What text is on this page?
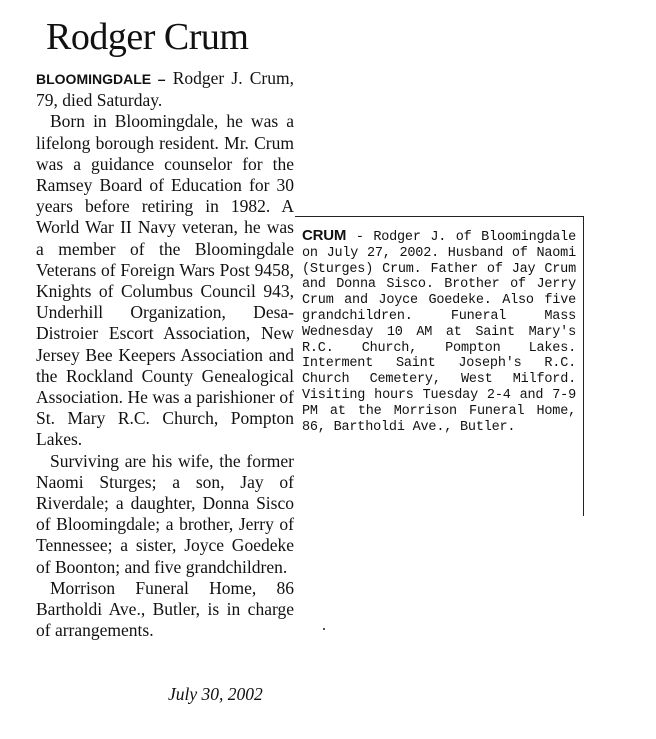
Rodger Crum

BLOOMINGDALE – Rodger J. Crum, 79, died Saturday.

Born in Bloomingdale, he was a lifelong borough resident. Mr. Crum was a guidance counselor for the Ramsey Board of Education for 30 years before retiring in 1982. A World War II Navy veteran, he was a member of the Bloomingdale Veterans of Foreign Wars Post 9458, Knights of Columbus Council 943, Underhill Organization, Desa-Distroier Escort Association, New Jersey Bee Keepers Association and the Rockland County Genealogical Association. He was a parishioner of St. Mary R.C. Church, Pompton Lakes.

Surviving are his wife, the former Naomi Sturges; a son, Jay of Riverdale; a daughter, Donna Sisco of Bloomingdale; a brother, Jerry of Tennessee; a sister, Joyce Goedeke of Boonton; and five grandchildren.

Morrison Funeral Home, 86 Bartholdi Ave., Butler, is in charge of arrangements.

July 30, 2002

CRUM - Rodger J. of Bloomingdale on July 27, 2002. Husband of Naomi (Sturges) Crum. Father of Jay Crum and Donna Sisco. Brother of Jerry Crum and Joyce Goedeke. Also five grandchildren. Funeral Mass Wednesday 10 AM at Saint Mary's R.C. Church, Pompton Lakes. Interment Saint Joseph's R.C. Church Cemetery, West Milford. Visiting hours Tuesday 2-4 and 7-9 PM at the Morrison Funeral Home, 86, Bartholdi Ave., Butler.
